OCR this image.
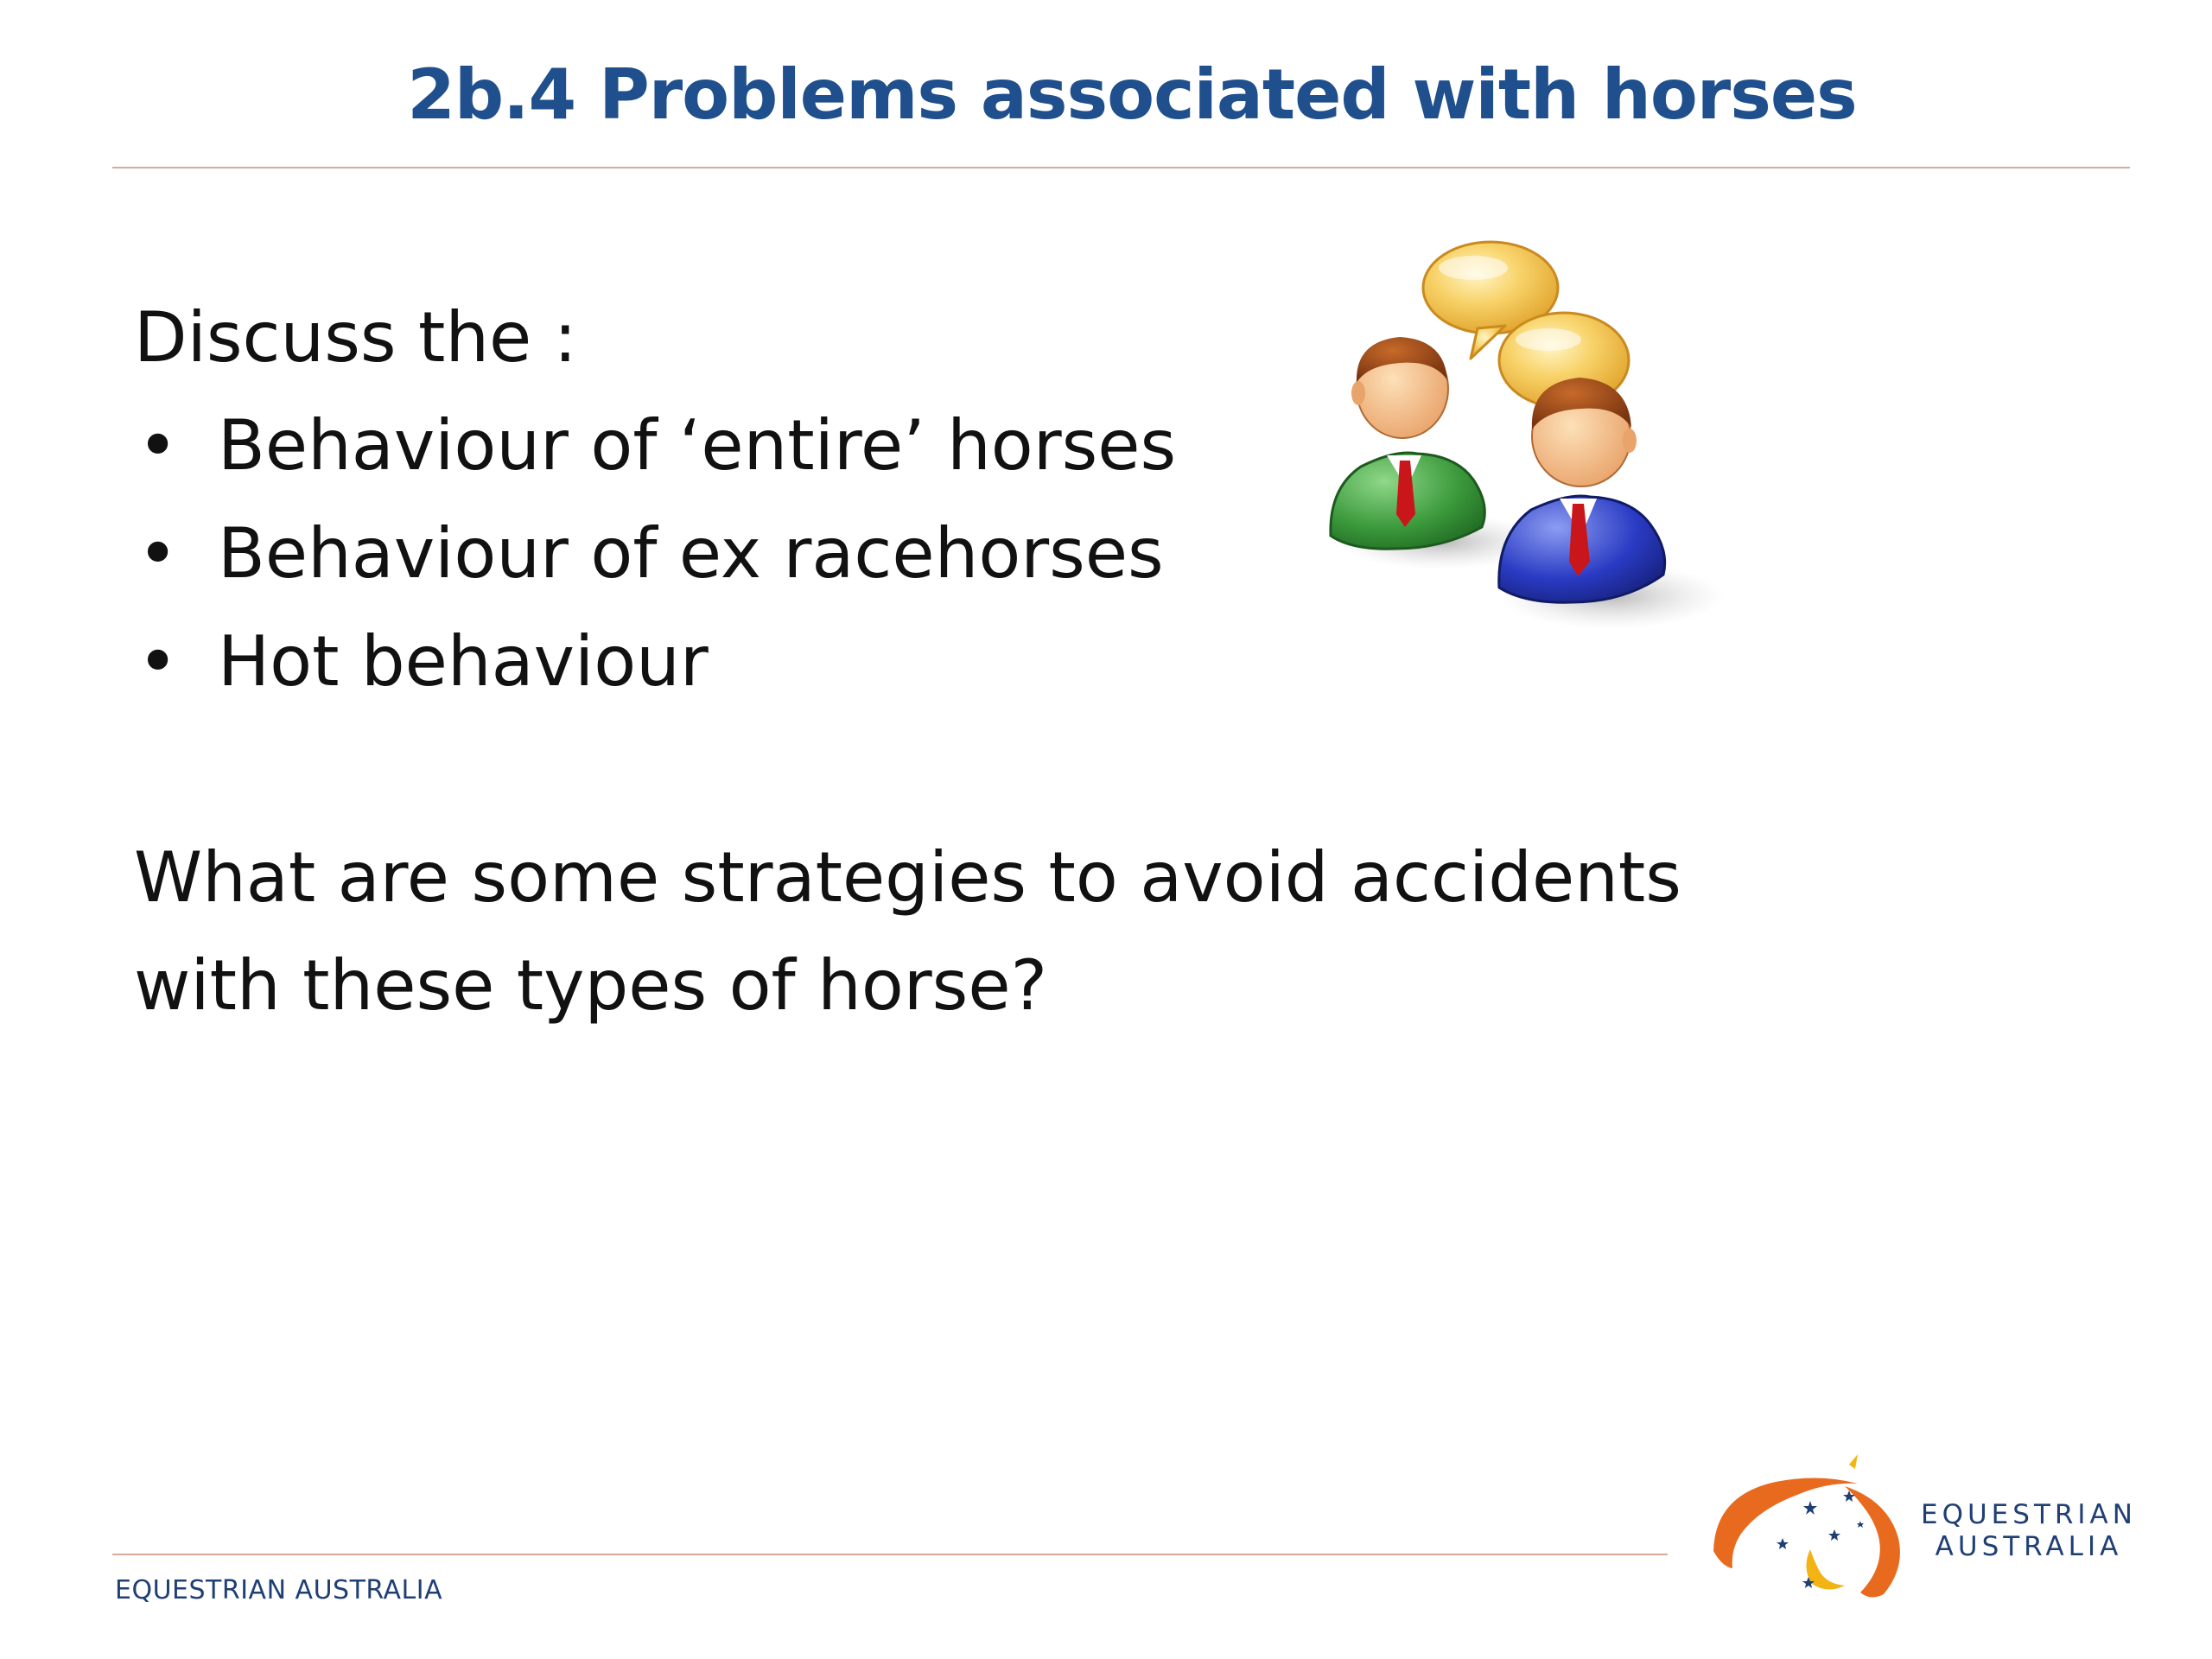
2b.4 Problems associated with horses

Discuss the :

• Behaviour of ‘entire’ horses
• Behaviour of ex racehorses
• Hot behaviour

What are some strategies to avoid accidents with these types of horse?

EQUESTRIAN AUSTRALIA
EQUESTRIAN
AUSTRALIA
